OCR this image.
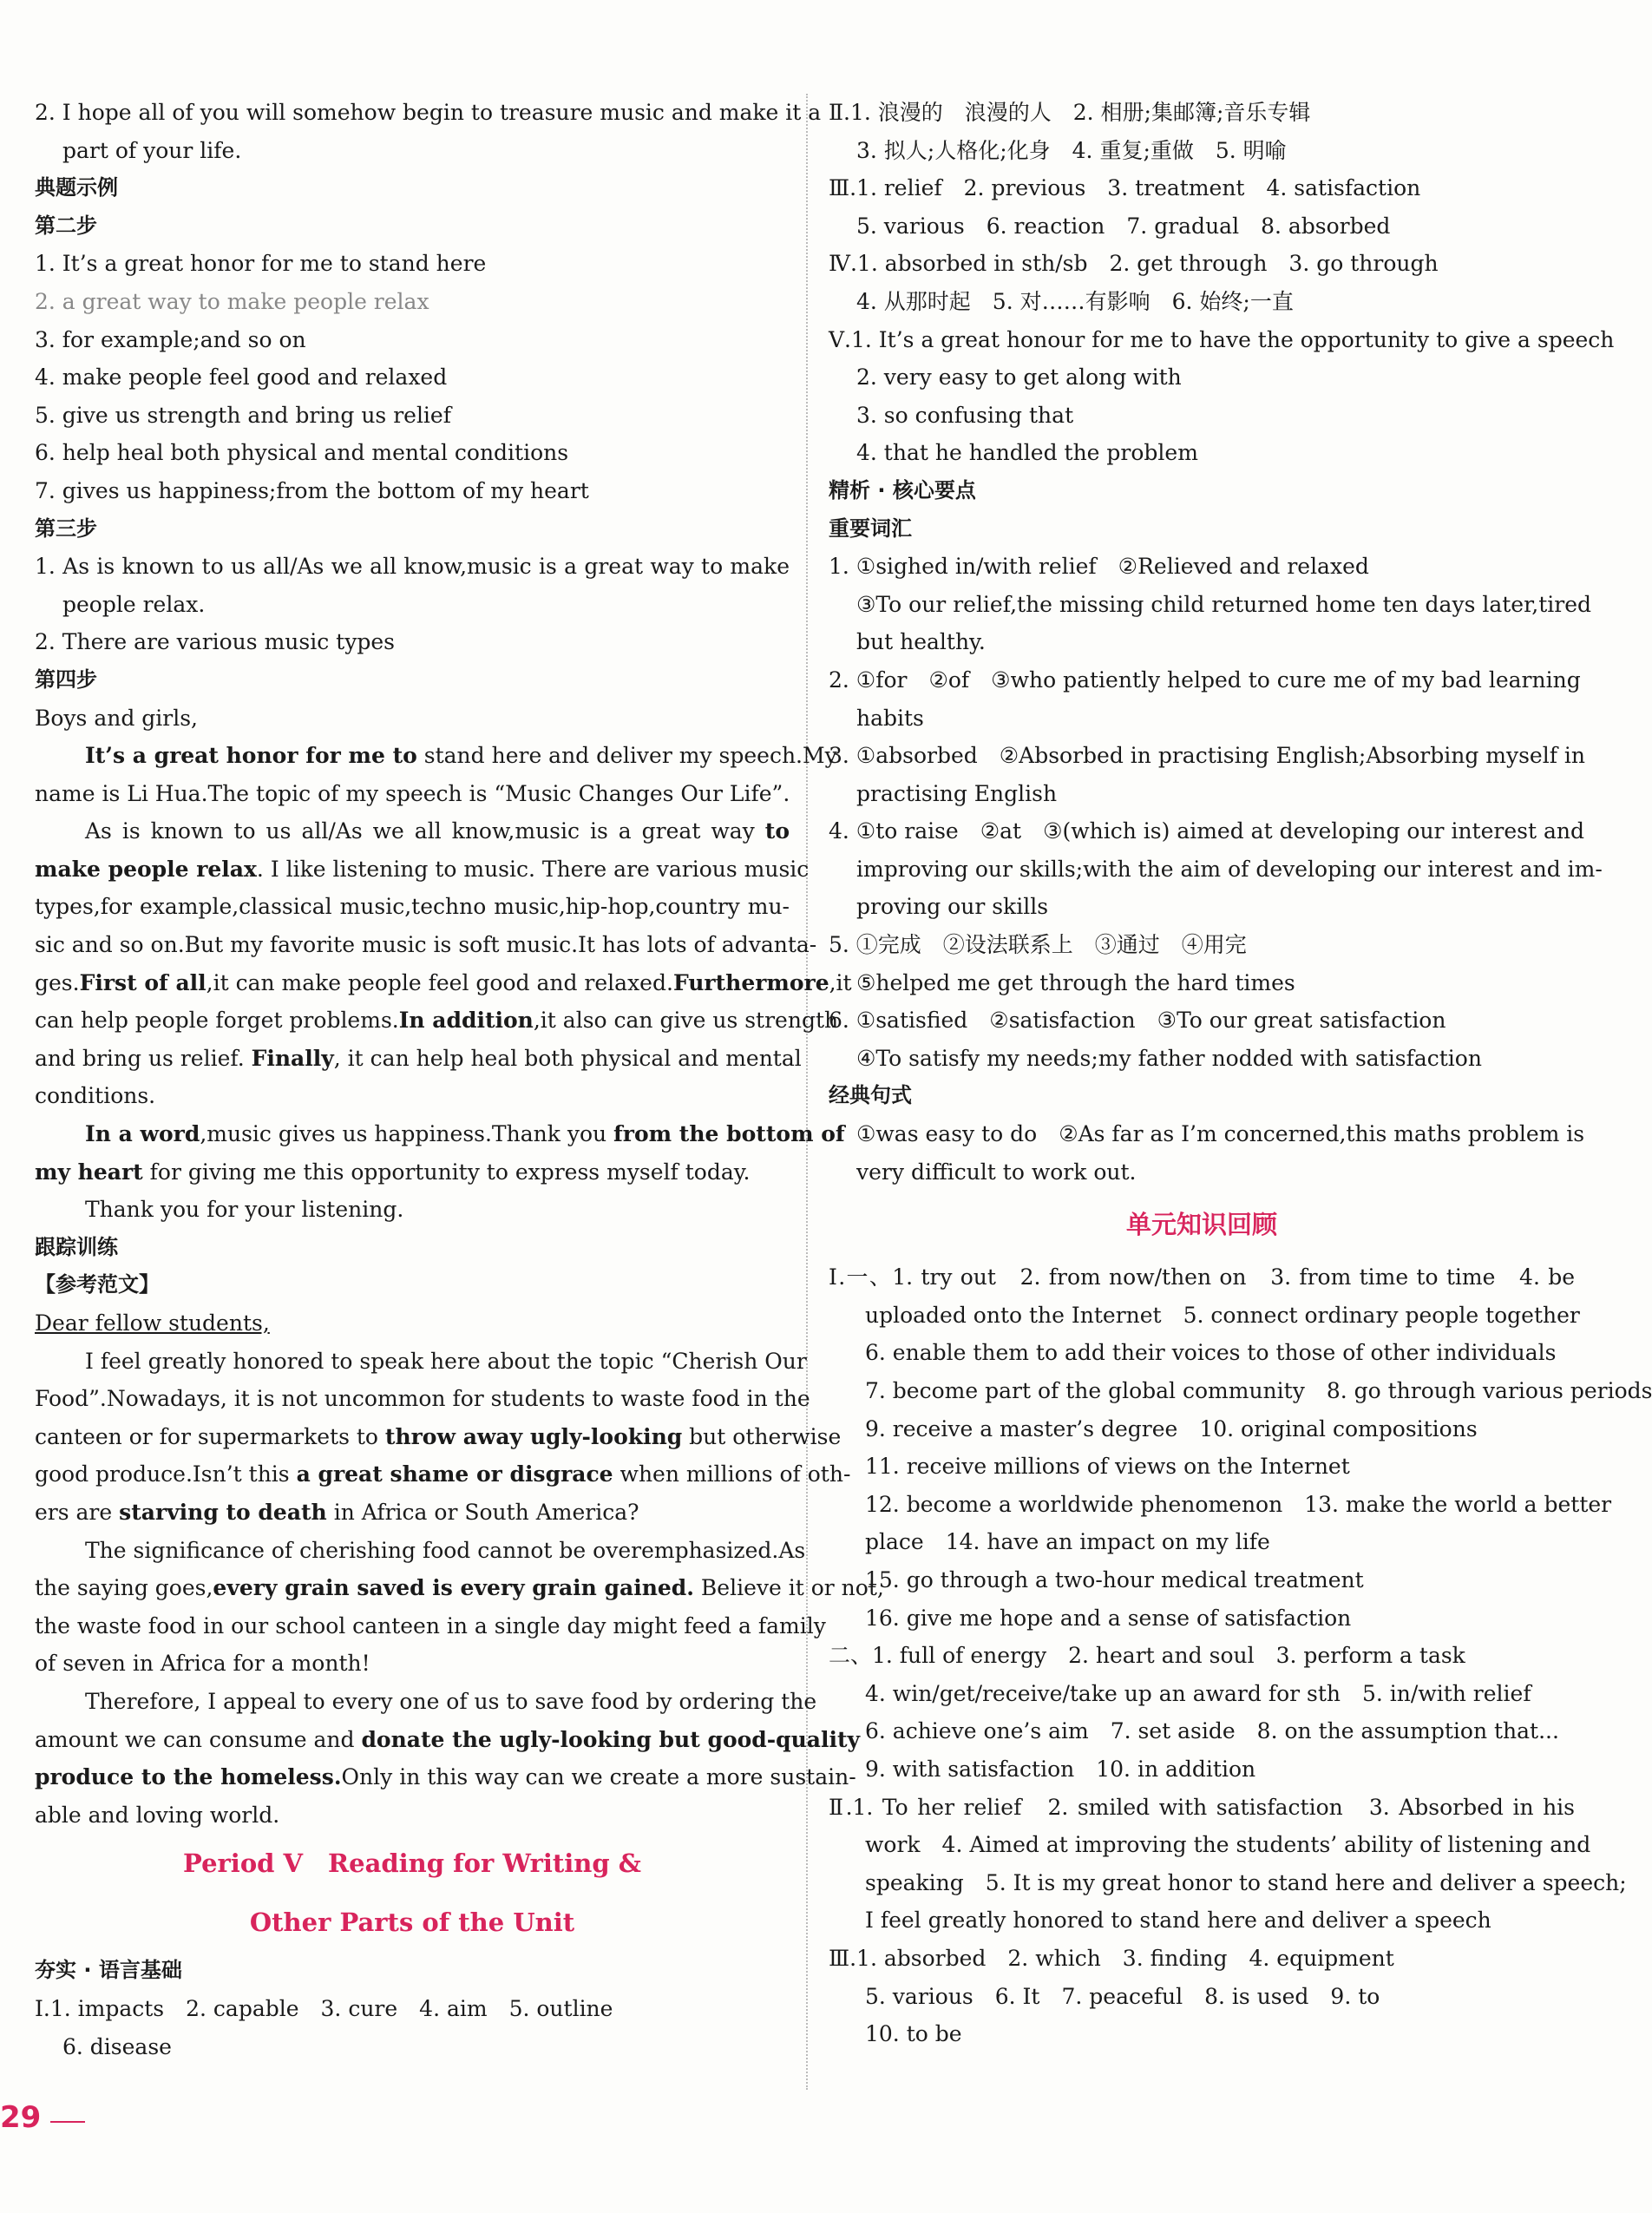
2. I hope all of you will somehow begin to treasure music and make it a
part of your life.
典题示例
第二步
1. It’s a great honor for me to stand here
2. a great way to make people relax
3. for example;and so on
4. make people feel good and relaxed
5. give us strength and bring us relief
6. help heal both physical and mental conditions
7. gives us happiness;from the bottom of my heart
第三步
1. As is known to us all/As we all know,music is a great way to make
people relax.
2. There are various music types
第四步
Boys and girls,
It’s a great honor for me to stand here and deliver my speech.My
name is Li Hua.The topic of my speech is “Music Changes Our Life”.
As is known to us all/As we all know,music is a great way to
make people relax. I like listening to music. There are various music
types,for example,classical music,techno music,hip-hop,country mu-
sic and so on.But my favorite music is soft music.It has lots of advanta-
ges.First of all,it can make people feel good and relaxed.Furthermore,it
can help people forget problems.In addition,it also can give us strength
and bring us relief. Finally, it can help heal both physical and mental
conditions.
In a word,music gives us happiness.Thank you from the bottom of
my heart for giving me this opportunity to express myself today.
Thank you for your listening.
跟踪训练
【参考范文】
Dear fellow students,
I feel greatly honored to speak here about the topic “Cherish Our
Food”.Nowadays, it is not uncommon for students to waste food in the
canteen or for supermarkets to throw away ugly-looking but otherwise
good produce.Isn’t this a great shame or disgrace when millions of oth-
ers are starving to death in Africa or South America?
The significance of cherishing food cannot be overemphasized.As
the saying goes,every grain saved is every grain gained. Believe it or not,
the waste food in our school canteen in a single day might feed a family
of seven in Africa for a month!
Therefore, I appeal to every one of us to save food by ordering the
amount we can consume and donate the ugly-looking but good-quality
produce to the homeless.Only in this way can we create a more sustain-
able and loving world.
Period Ⅴ　Reading for Writing &
Other Parts of the Unit
夯实 · 语言基础
Ⅰ.1. impacts　2. capable　3. cure　4. aim　5. outline
6. disease
Ⅱ.1. 浪漫的　浪漫的人　2. 相册;集邮簿;音乐专辑
3. 拟人;人格化;化身　4. 重复;重做　5. 明喻
Ⅲ.1. relief　2. previous　3. treatment　4. satisfaction
5. various　6. reaction　7. gradual　8. absorbed
Ⅳ.1. absorbed in sth/sb　2. get through　3. go through
4. 从那时起　5. 对……有影响　6. 始终;一直
Ⅴ.1. It’s a great honour for me to have the opportunity to give a speech
2. very easy to get along with
3. so confusing that
4. that he handled the problem
精析 · 核心要点
重要词汇
1. ①sighed in/with relief　②Relieved and relaxed
③To our relief,the missing child returned home ten days later,tired
but healthy.
2. ①for　②of　③who patiently helped to cure me of my bad learning
habits
3. ①absorbed　②Absorbed in practising English;Absorbing myself in
practising English
4. ①to raise　②at　③(which is) aimed at developing our interest and
improving our skills;with the aim of developing our interest and im-
proving our skills
5. ①完成　②设法联系上　③通过　④用完
⑤helped me get through the hard times
6. ①satisfied　②satisfaction　③To our great satisfaction
④To satisfy my needs;my father nodded with satisfaction
经典句式
①was easy to do　②As far as I’m concerned,this maths problem is
very difficult to work out.
单元知识回顾
Ⅰ.一、1. try out　2. from now/then on　3. from time to time　4. be
uploaded onto the Internet　5. connect ordinary people together
6. enable them to add their voices to those of other individuals
7. become part of the global community　8. go through various periods
9. receive a master’s degree　10. original compositions
11. receive millions of views on the Internet
12. become a worldwide phenomenon　13. make the world a better
place　14. have an impact on my life
15. go through a two-hour medical treatment
16. give me hope and a sense of satisfaction
二、1. full of energy　2. heart and soul　3. perform a task
4. win/get/receive/take up an award for sth　5. in/with relief
6. achieve one’s aim　7. set aside　8. on the assumption that...
9. with satisfaction　10. in addition
Ⅱ.1. To her relief　2. smiled with satisfaction　3. Absorbed in his
work　4. Aimed at improving the students’ ability of listening and
speaking　5. It is my great honor to stand here and deliver a speech;
I feel greatly honored to stand here and deliver a speech
Ⅲ.1. absorbed　2. which　3. finding　4. equipment
5. various　6. It　7. peaceful　8. is used　9. to
10. to be
29
